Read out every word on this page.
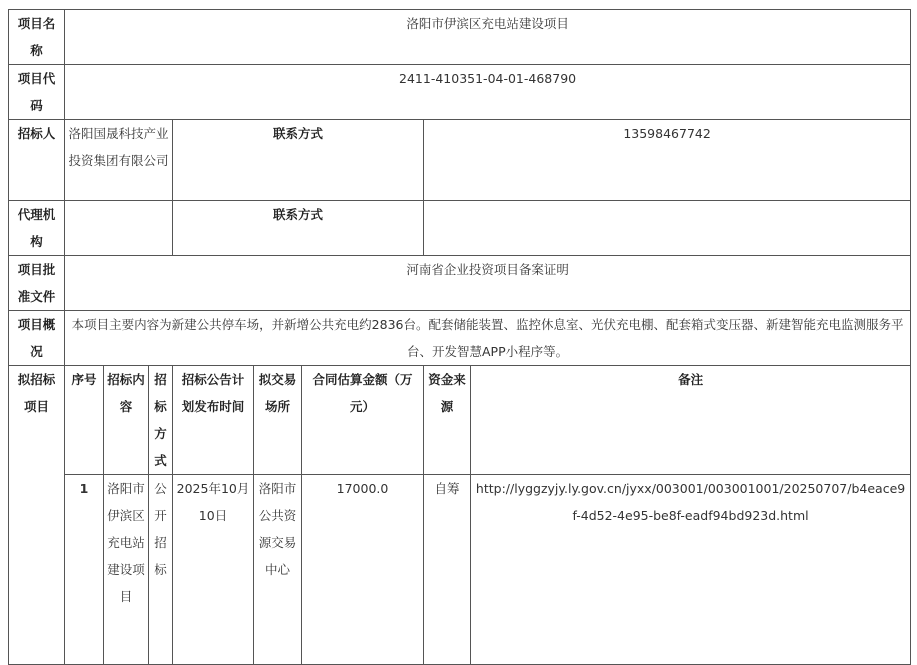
项目名称	洛阳市伊滨区充电站建设项目							
项目代码	2411-410351-04-01-468790							
招标人	洛阳国晟科技产业投资集团有限公司			联系方式			13598467742	
代理机构				联系方式				
项目批准文件	河南省企业投资项目备案证明							
项目概况	本项目主要内容为新建公共停车场，并新增公共充电约2836台。配套储能装置、监控休息室、光伏充电棚、配套箱式变压器、新建智能充电监测服务平台、开发智慧APP小程序等。							
拟招标项目	序号	招标内容	招标方式	招标公告计划发布时间	拟交易场所	合同估算金额（万元）	资金来源	备注
	1	洛阳市伊滨区充电站建设项目	公开招标	2025年10月10日	洛阳市公共资源交易中心	17000.0	自筹	http://lyggzyjy.ly.gov.cn/jyxx/003001/003001001/20250707/b4eace9f-4d52-4e95-be8f-eadf94bd923d.html
